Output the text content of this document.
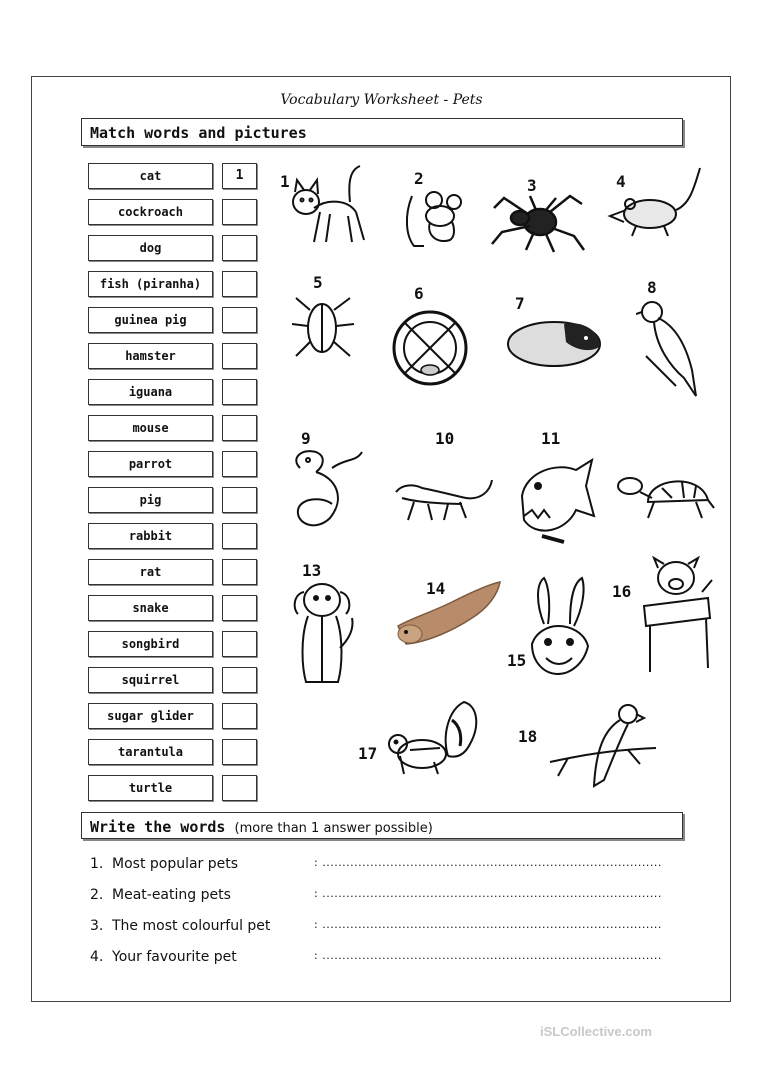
Vocabulary Worksheet - Pets
Match words and pictures
cat	1
cockroach
dog
fish (piranha)
guinea pig
hamster
iguana
mouse
parrot
pig
rabbit
rat
snake
songbird
squirrel
sugar glider
tarantula
turtle
1	2	3	4
5
6
7
8
9	10	11
13
14
15
16
17
18
Write the words (more than 1 answer possible)
1. Most popular pets	: .....................................................................................
2. Meat-eating pets	: .....................................................................................
3. The most colourful pet	: .....................................................................................
4. Your favourite pet	: .....................................................................................
iSLCollective.com
